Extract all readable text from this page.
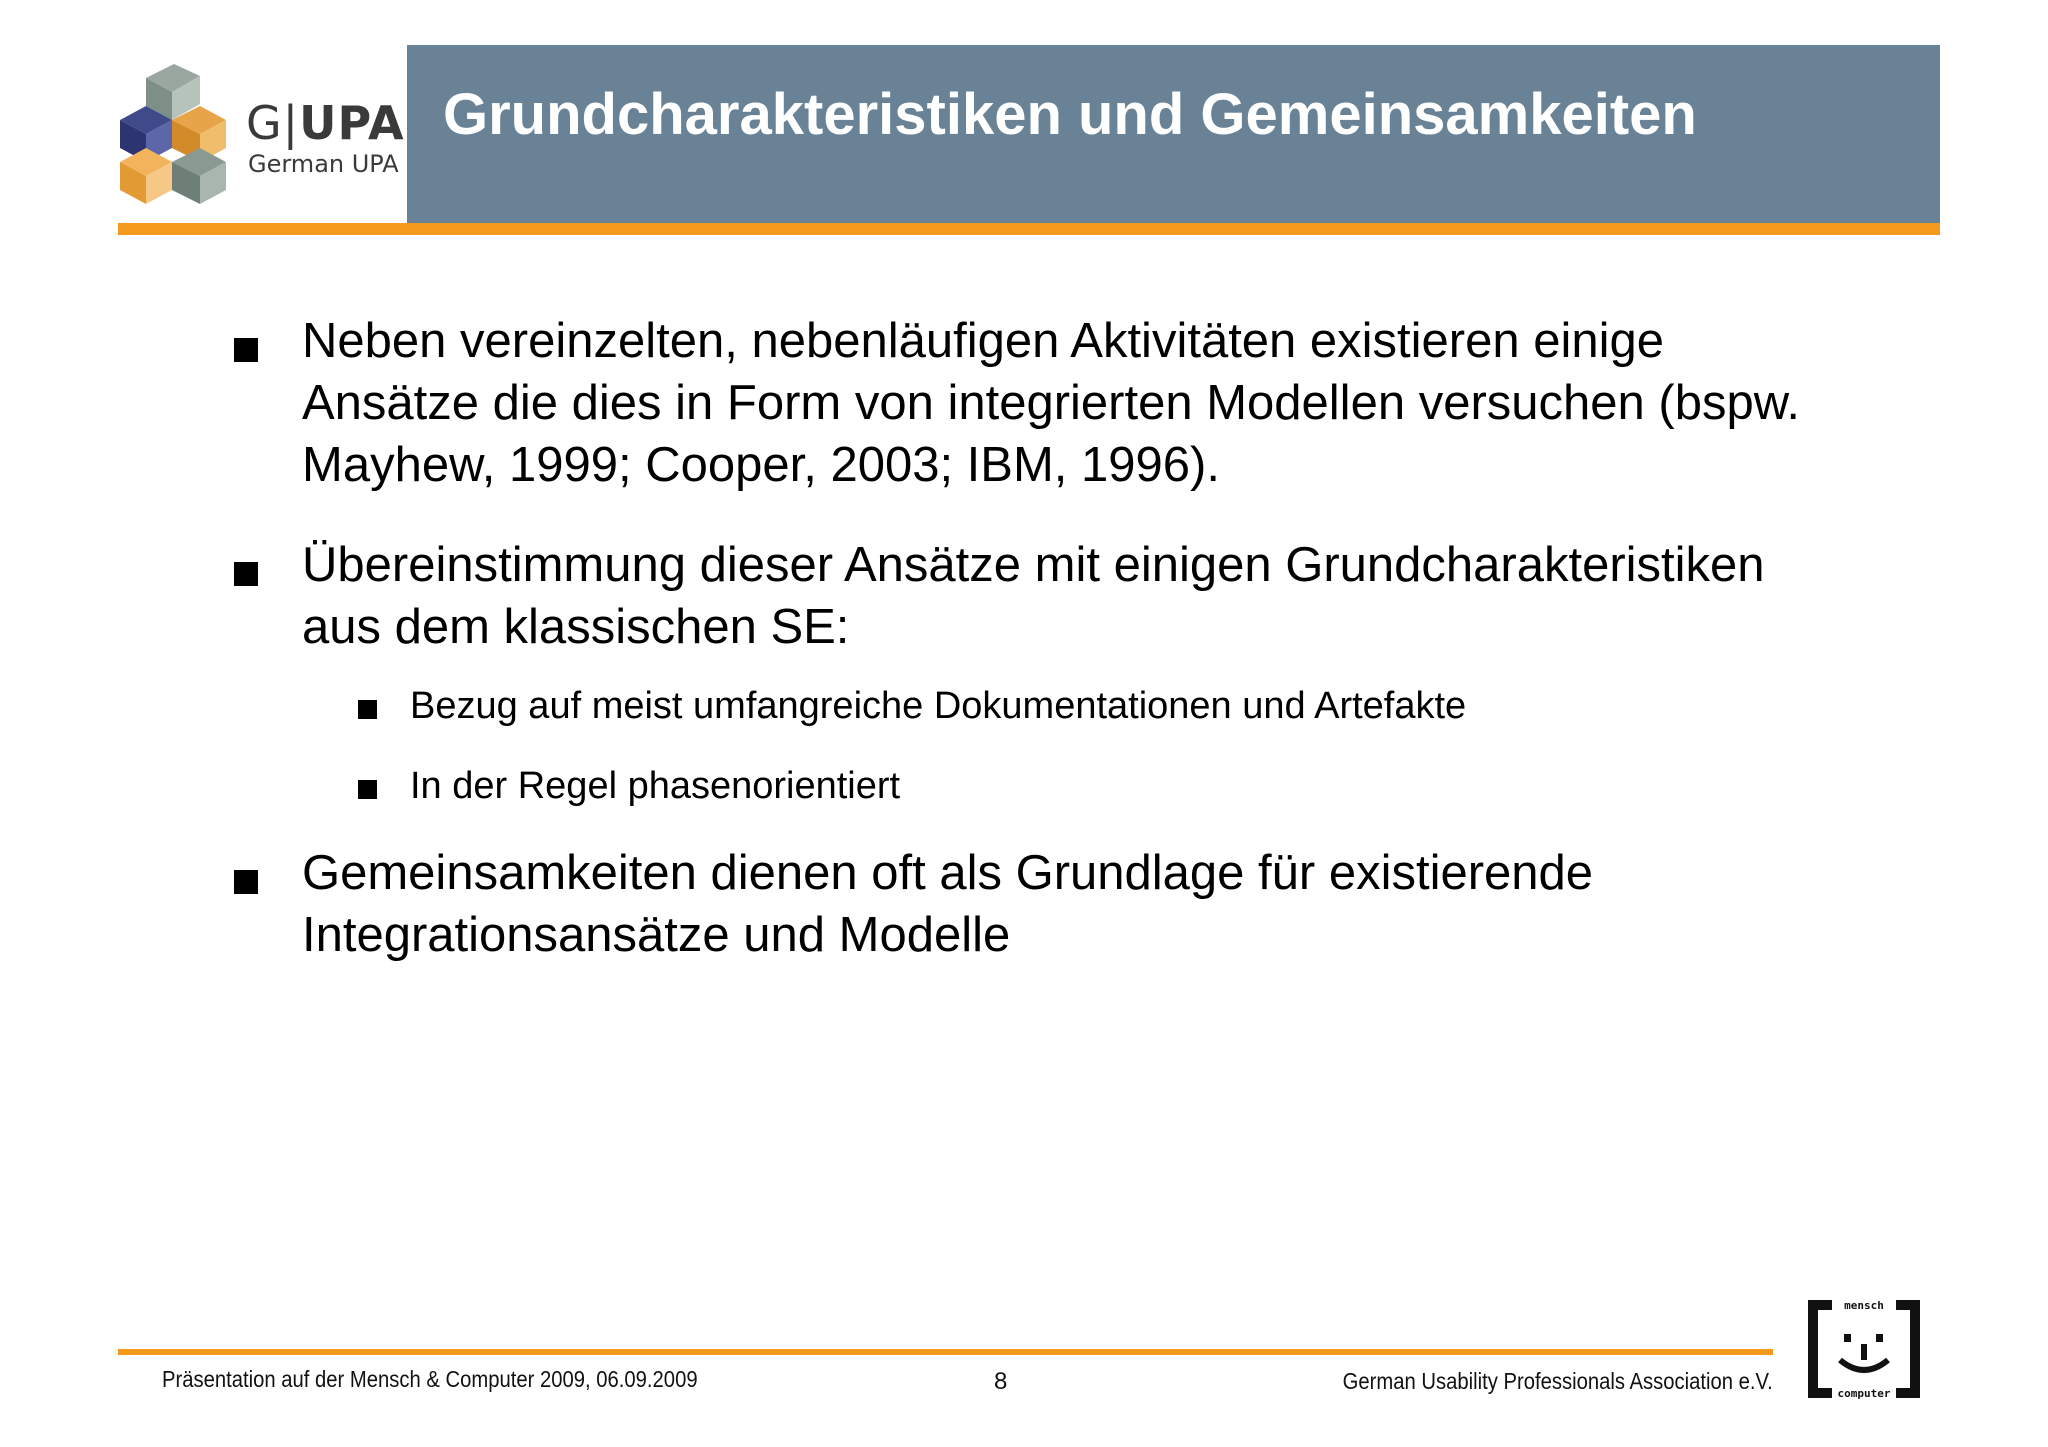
G|UPA
German UPA
Grundcharakteristiken und Gemeinsamkeiten
Neben vereinzelten, nebenläufigen Aktivitäten existieren einige Ansätze die dies in Form von integrierten Modellen versuchen (bspw. Mayhew, 1999; Cooper, 2003; IBM, 1996).
Übereinstimmung dieser Ansätze mit einigen Grundcharakteristiken aus dem klassischen SE:
Bezug auf meist umfangreiche Dokumentationen und Artefakte
In der Regel phasenorientiert
Gemeinsamkeiten dienen oft als Grundlage für existierende Integrationsansätze und Modelle
Präsentation auf der Mensch & Computer 2009, 06.09.2009	8	German Usability Professionals Association e.V.
mensch
computer
